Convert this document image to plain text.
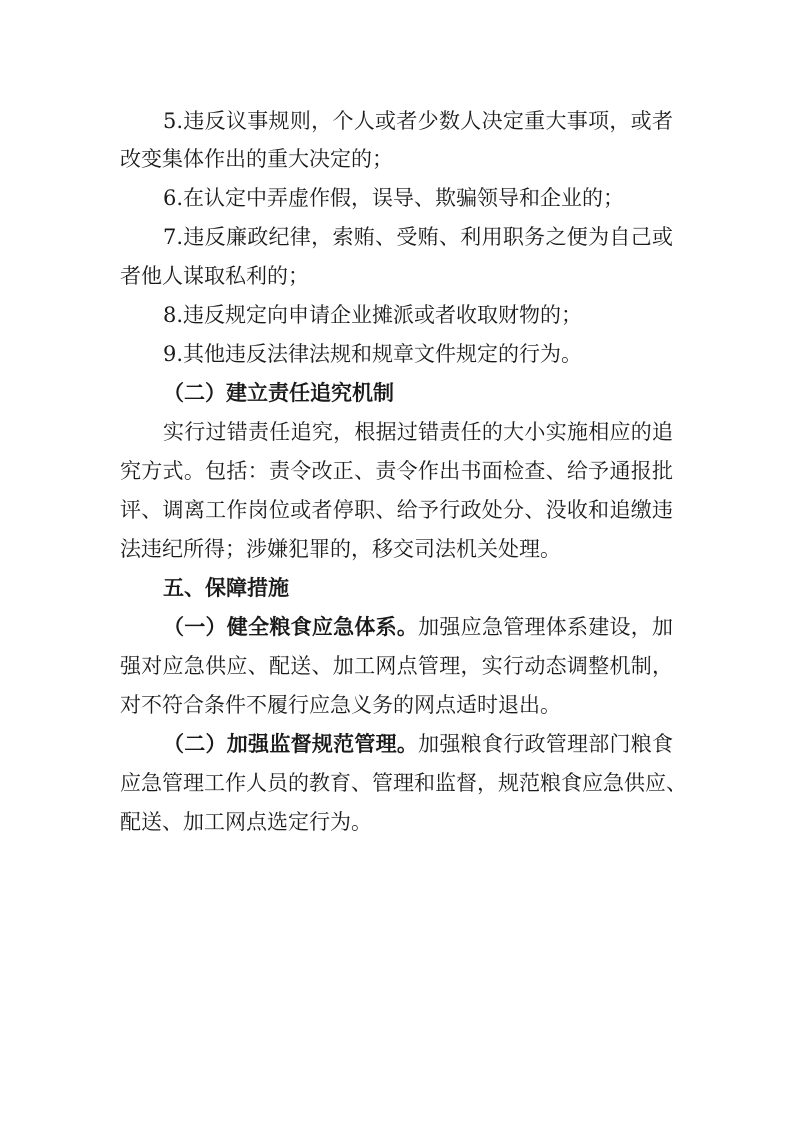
5.违反议事规则，个人或者少数人决定重大事项，或者
改变集体作出的重大决定的；
6.在认定中弄虚作假，误导、欺骗领导和企业的；
7.违反廉政纪律，索贿、受贿、利用职务之便为自己或
者他人谋取私利的；
8.违反规定向申请企业摊派或者收取财物的；
9.其他违反法律法规和规章文件规定的行为。
（二）建立责任追究机制
实行过错责任追究，根据过错责任的大小实施相应的追
究方式。包括：责令改正、责令作出书面检查、给予通报批
评、调离工作岗位或者停职、给予行政处分、没收和追缴违
法违纪所得；涉嫌犯罪的，移交司法机关处理。
五、保障措施
（一）健全粮食应急体系。加强应急管理体系建设，加
强对应急供应、配送、加工网点管理，实行动态调整机制，
对不符合条件不履行应急义务的网点适时退出。
（二）加强监督规范管理。加强粮食行政管理部门粮食
应急管理工作人员的教育、管理和监督，规范粮食应急供应、
配送、加工网点选定行为。
